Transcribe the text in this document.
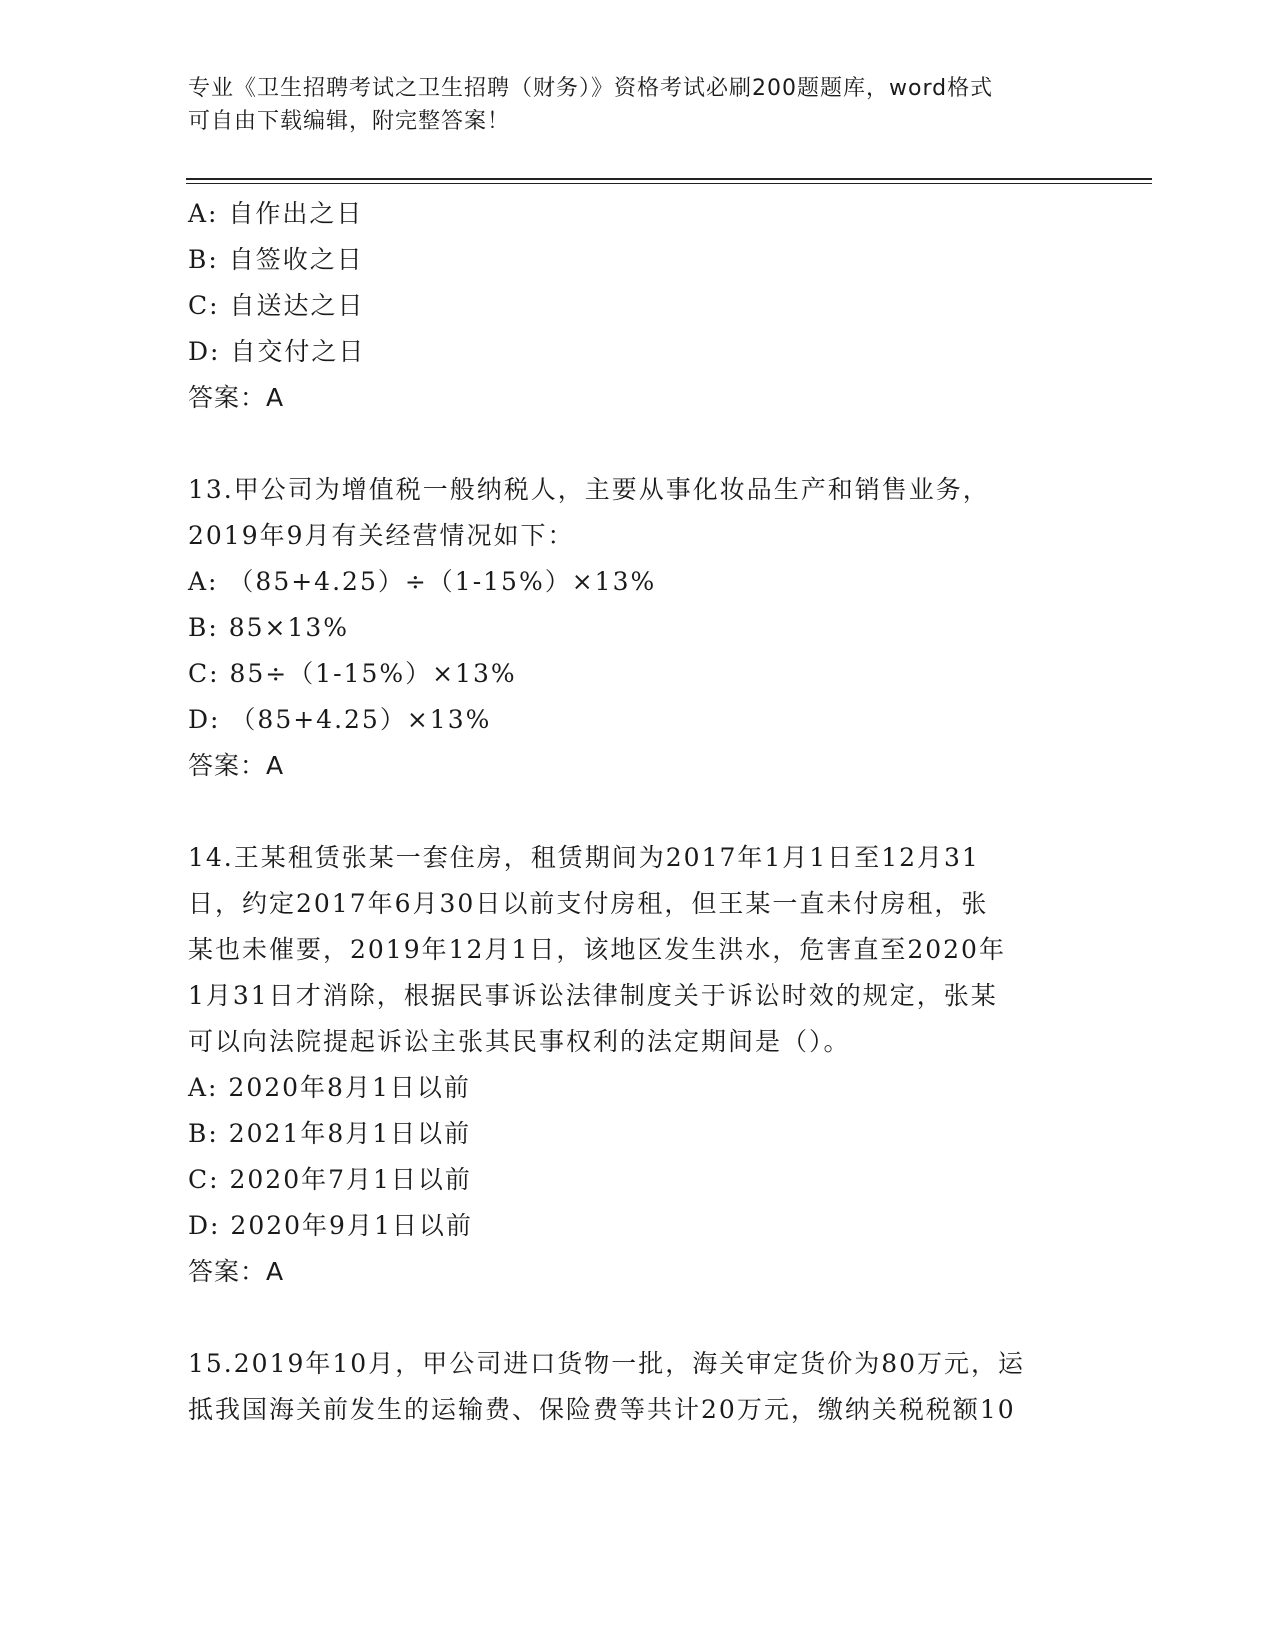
专业《卫生招聘考试之卫生招聘（财务）》资格考试必刷200题题库，word格式
可自由下载编辑，附完整答案！
A: 自作出之日
B: 自签收之日
C: 自送达之日
D: 自交付之日
答案：A
13.甲公司为增值税一般纳税人，主要从事化妆品生产和销售业务，
2019年9月有关经营情况如下：
A: （85+4.25）÷（1-15%）×13%
B: 85×13%
C: 85÷（1-15%）×13%
D: （85+4.25）×13%
答案：A
14.王某租赁张某一套住房，租赁期间为2017年1月1日至12月31
日，约定2017年6月30日以前支付房租，但王某一直未付房租，张
某也未催要，2019年12月1日，该地区发生洪水，危害直至2020年
1月31日才消除，根据民事诉讼法律制度关于诉讼时效的规定，张某
可以向法院提起诉讼主张其民事权利的法定期间是（）。
A: 2020年8月1日以前
B: 2021年8月1日以前
C: 2020年7月1日以前
D: 2020年9月1日以前
答案：A
15.2019年10月，甲公司进口货物一批，海关审定货价为80万元，运
抵我国海关前发生的运输费、保险费等共计20万元，缴纳关税税额10
